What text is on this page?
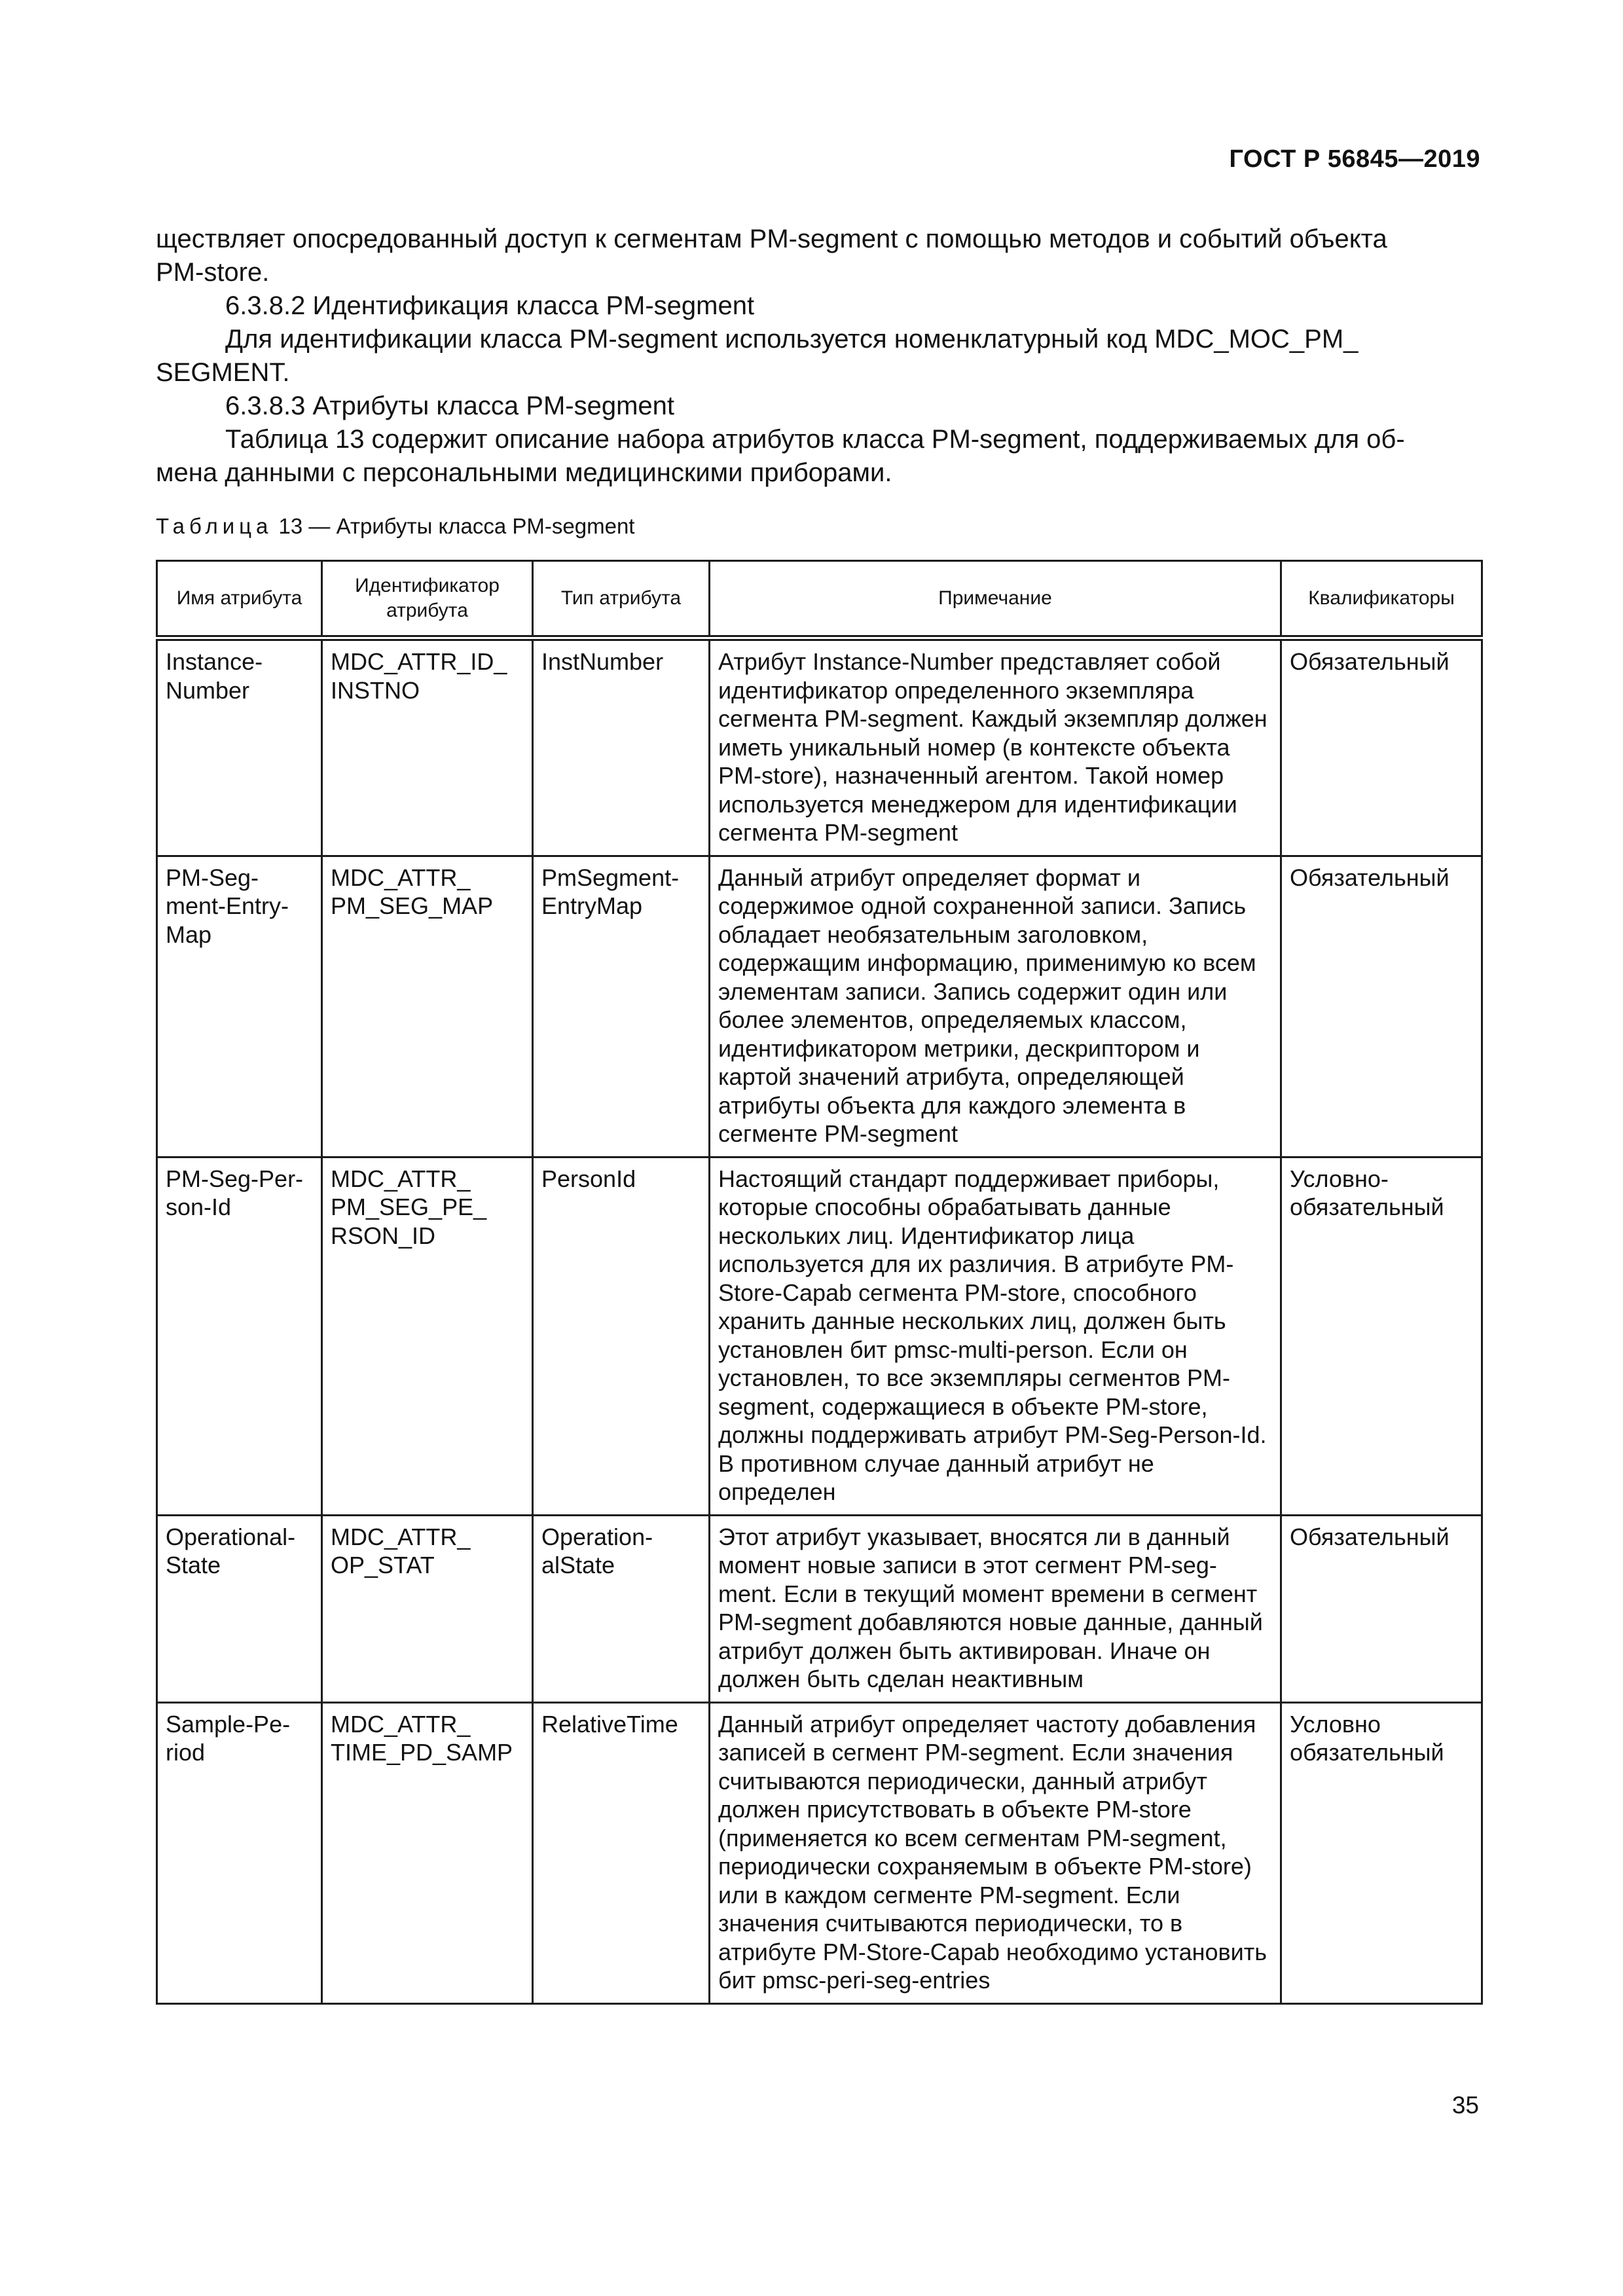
ГОСТ Р 56845—2019

ществляет опосредованный доступ к сегментам PM-segment с помощью методов и событий объекта

PM-store.

6.3.8.2 Идентификация класса PM-segment

Для идентификации класса PM-segment используется номенклатурный код MDC_MOC_PM_

SEGMENT.

6.3.8.3 Атрибуты класса PM-segment

Таблица 13 содержит описание набора атрибутов класса PM-segment, поддерживаемых для об-

мена данными с персональными медицинскими приборами.

Таблица 13 — Атрибуты класса PM-segment
Имя атрибута	Идентификатор атрибута	Тип атрибута	Примечание	Квалификаторы
Instance-Number	MDC_ATTR_ID_ INSTNO	InstNumber	Атрибут Instance-Number представляет собой идентификатор определенного экземпляра сегмента PM-segment. Каждый экземпляр должен иметь уникальный номер (в контексте объекта PM-store), назначенный агентом. Такой номер используется менеджером для идентификации сегмента PM-segment	Обязательный
PM-Seg-ment-Entry-Map	MDC_ATTR_ PM_SEG_MAP	PmSegment-EntryMap	Данный атрибут определяет формат и содержимое одной сохраненной записи. Запись обладает необязательным заголовком, содержащим информацию, применимую ко всем элементам записи. Запись содержит один или более элементов, определяемых классом, идентификатором метрики, дескриптором и картой значений атрибута, определяющей атрибуты объекта для каждого элемента в сегменте PM-segment	Обязательный
PM-Seg-Per-son-Id	MDC_ATTR_ PM_SEG_PE_ RSON_ID	PersonId	Настоящий стандарт поддерживает приборы, которые способны обрабатывать данные нескольких лиц. Идентификатор лица используется для их различия. В атрибуте PM-Store-Capab сегмента PM-store, способного хранить данные нескольких лиц, должен быть установлен бит pmsc-multi-person. Если он установлен, то все экземпляры сегментов PM-segment, содержащиеся в объекте PM-store, должны поддерживать атрибут PM-Seg-Person-Id. В противном случае данный атрибут не определен	Условно-обязательный
Operational-State	MDC_ATTR_ OP_STAT	Operation-alState	Этот атрибут указывает, вносятся ли в данный момент новые записи в этот сегмент PM-seg-ment. Если в текущий момент времени в сегмент PM-segment добавляются новые данные, данный атрибут должен быть активирован. Иначе он должен быть сделан неактивным	Обязательный
Sample-Pe-riod	MDC_ATTR_ TIME_PD_SAMP	RelativeTime	Данный атрибут определяет частоту добавления записей в сегмент PM-segment. Если значения считываются периодически, данный атрибут должен присутствовать в объекте PM-store (применяется ко всем сегментам PM-segment, периодически сохраняемым в объекте PM-store) или в каждом сегменте PM-segment. Если значения считываются периодически, то в атрибуте PM-Store-Capab необходимо установить бит pmsc-peri-seg-entries	Условно обязательный
35
